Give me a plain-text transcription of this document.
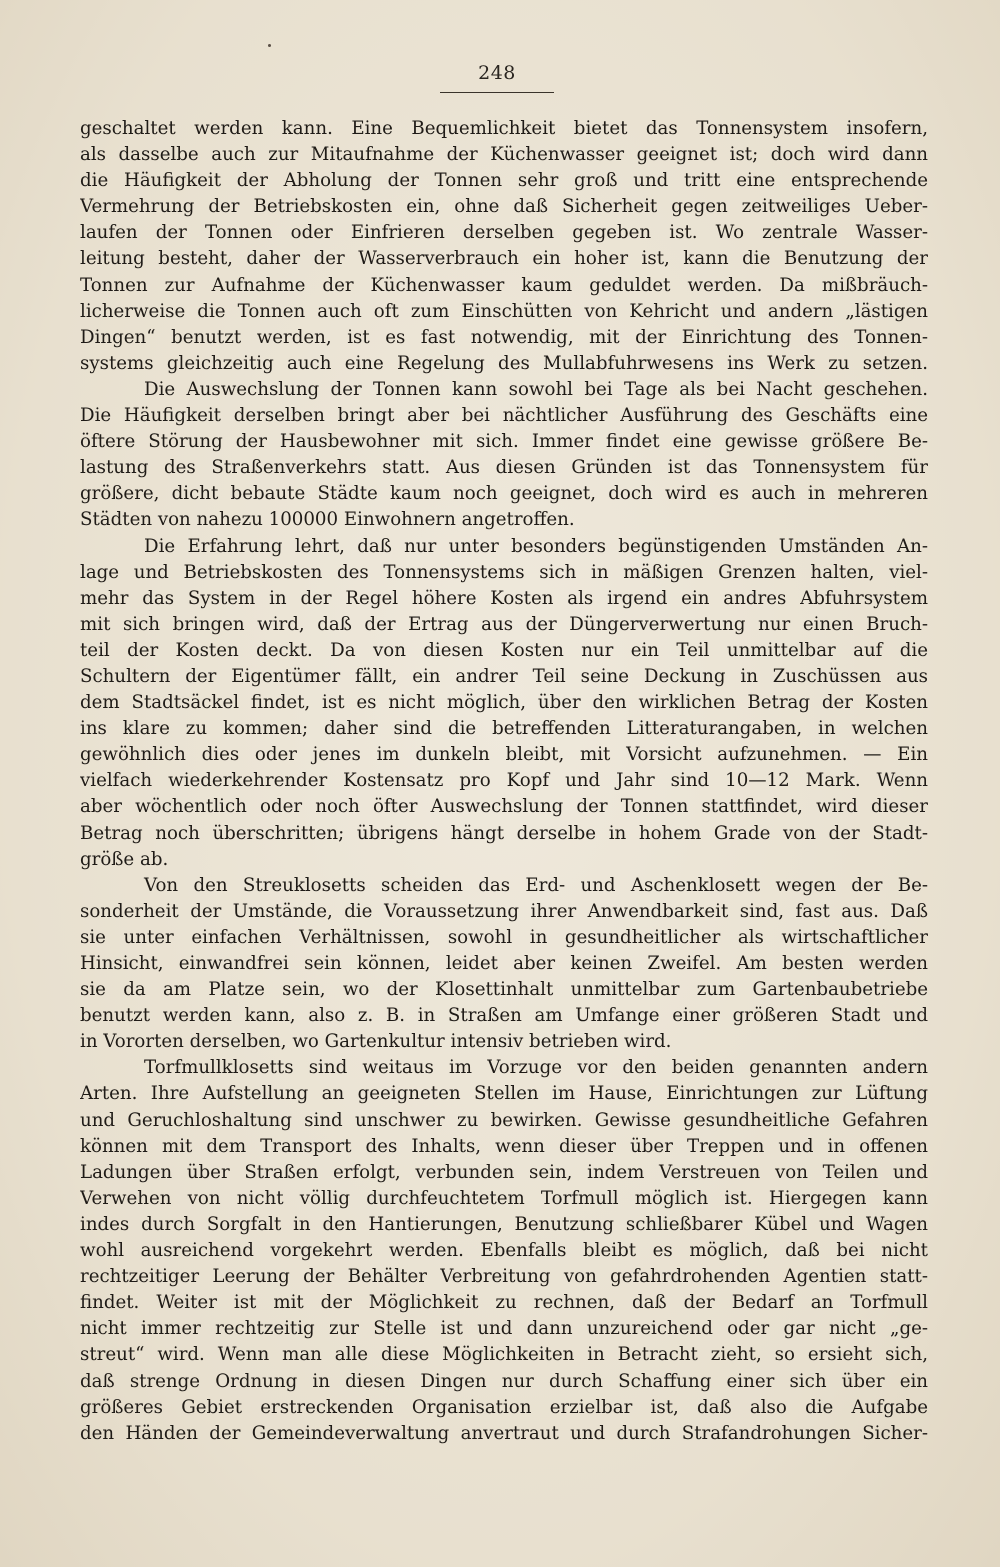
248
geschaltet werden kann. Eine Bequemlichkeit bietet das Tonnensystem insofern,
als dasselbe auch zur Mitaufnahme der Küchenwasser geeignet ist; doch wird dann
die Häufigkeit der Abholung der Tonnen sehr groß und tritt eine entsprechende
Vermehrung der Betriebskosten ein, ohne daß Sicherheit gegen zeitweiliges Ueber-
laufen der Tonnen oder Einfrieren derselben gegeben ist. Wo zentrale Wasser-
leitung besteht, daher der Wasserverbrauch ein hoher ist, kann die Benutzung der
Tonnen zur Aufnahme der Küchenwasser kaum geduldet werden. Da mißbräuch-
licherweise die Tonnen auch oft zum Einschütten von Kehricht und andern „lästigen
Dingen“ benutzt werden, ist es fast notwendig, mit der Einrichtung des Tonnen-
systems gleichzeitig auch eine Regelung des Mullabfuhrwesens ins Werk zu setzen.
Die Auswechslung der Tonnen kann sowohl bei Tage als bei Nacht geschehen.
Die Häufigkeit derselben bringt aber bei nächtlicher Ausführung des Geschäfts eine
öftere Störung der Hausbewohner mit sich. Immer findet eine gewisse größere Be-
lastung des Straßenverkehrs statt. Aus diesen Gründen ist das Tonnensystem für
größere, dicht bebaute Städte kaum noch geeignet, doch wird es auch in mehreren
Städten von nahezu 100000 Einwohnern angetroffen.
Die Erfahrung lehrt, daß nur unter besonders begünstigenden Umständen An-
lage und Betriebskosten des Tonnensystems sich in mäßigen Grenzen halten, viel-
mehr das System in der Regel höhere Kosten als irgend ein andres Abfuhrsystem
mit sich bringen wird, daß der Ertrag aus der Düngerverwertung nur einen Bruch-
teil der Kosten deckt. Da von diesen Kosten nur ein Teil unmittelbar auf die
Schultern der Eigentümer fällt, ein andrer Teil seine Deckung in Zuschüssen aus
dem Stadtsäckel findet, ist es nicht möglich, über den wirklichen Betrag der Kosten
ins klare zu kommen; daher sind die betreffenden Litteraturangaben, in welchen
gewöhnlich dies oder jenes im dunkeln bleibt, mit Vorsicht aufzunehmen. — Ein
vielfach wiederkehrender Kostensatz pro Kopf und Jahr sind 10—12 Mark. Wenn
aber wöchentlich oder noch öfter Auswechslung der Tonnen stattfindet, wird dieser
Betrag noch überschritten; übrigens hängt derselbe in hohem Grade von der Stadt-
größe ab.
Von den Streuklosetts scheiden das Erd- und Aschenklosett wegen der Be-
sonderheit der Umstände, die Voraussetzung ihrer Anwendbarkeit sind, fast aus. Daß
sie unter einfachen Verhältnissen, sowohl in gesundheitlicher als wirtschaftlicher
Hinsicht, einwandfrei sein können, leidet aber keinen Zweifel. Am besten werden
sie da am Platze sein, wo der Klosettinhalt unmittelbar zum Gartenbaubetriebe
benutzt werden kann, also z. B. in Straßen am Umfange einer größeren Stadt und
in Vororten derselben, wo Gartenkultur intensiv betrieben wird.
Torfmullklosetts sind weitaus im Vorzuge vor den beiden genannten andern
Arten. Ihre Aufstellung an geeigneten Stellen im Hause, Einrichtungen zur Lüftung
und Geruchloshaltung sind unschwer zu bewirken. Gewisse gesundheitliche Gefahren
können mit dem Transport des Inhalts, wenn dieser über Treppen und in offenen
Ladungen über Straßen erfolgt, verbunden sein, indem Verstreuen von Teilen und
Verwehen von nicht völlig durchfeuchtetem Torfmull möglich ist. Hiergegen kann
indes durch Sorgfalt in den Hantierungen, Benutzung schließbarer Kübel und Wagen
wohl ausreichend vorgekehrt werden. Ebenfalls bleibt es möglich, daß bei nicht
rechtzeitiger Leerung der Behälter Verbreitung von gefahrdrohenden Agentien statt-
findet. Weiter ist mit der Möglichkeit zu rechnen, daß der Bedarf an Torfmull
nicht immer rechtzeitig zur Stelle ist und dann unzureichend oder gar nicht „ge-
streut“ wird. Wenn man alle diese Möglichkeiten in Betracht zieht, so ersieht sich,
daß strenge Ordnung in diesen Dingen nur durch Schaffung einer sich über ein
größeres Gebiet erstreckenden Organisation erzielbar ist, daß also die Aufgabe
den Händen der Gemeindeverwaltung anvertraut und durch Strafandrohungen Sicher-
